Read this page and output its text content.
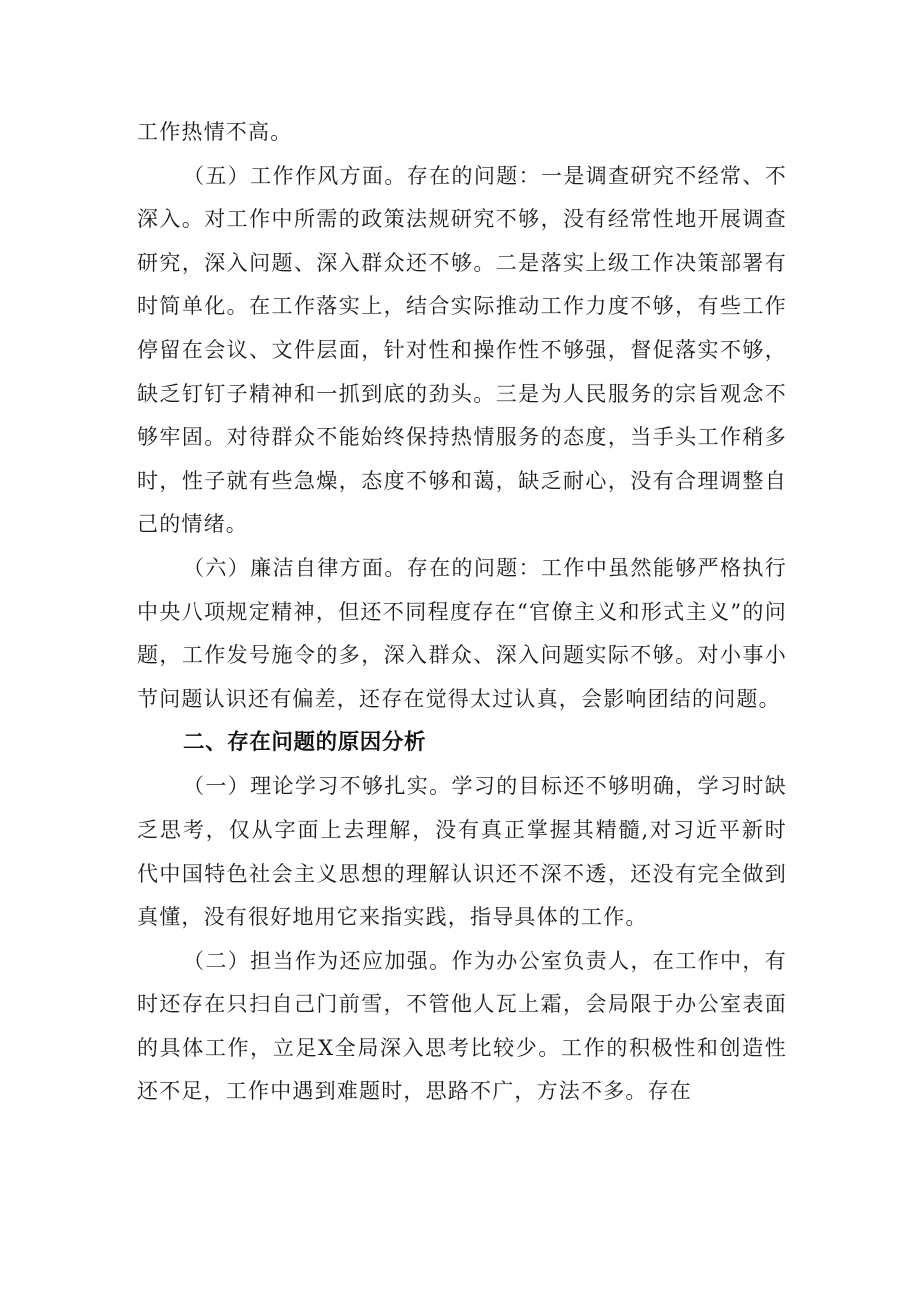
工作热情不高。

（五）工作作风方面。存在的问题：一是调查研究不经常、不深入。对工作中所需的政策法规研究不够，没有经常性地开展调查研究，深入问题、深入群众还不够。二是落实上级工作决策部署有时简单化。在工作落实上，结合实际推动工作力度不够，有些工作停留在会议、文件层面，针对性和操作性不够强，督促落实不够，缺乏钉钉子精神和一抓到底的劲头。三是为人民服务的宗旨观念不够牢固。对待群众不能始终保持热情服务的态度，当手头工作稍多时，性子就有些急燥，态度不够和蔼，缺乏耐心，没有合理调整自己的情绪。

（六）廉洁自律方面。存在的问题：工作中虽然能够严格执行中央八项规定精神，但还不同程度存在“官僚主义和形式主义”的问题，工作发号施令的多，深入群众、深入问题实际不够。对小事小节问题认识还有偏差，还存在觉得太过认真，会影响团结的问题。

二、存在问题的原因分析

（一）理论学习不够扎实。学习的目标还不够明确，学习时缺乏思考，仅从字面上去理解，没有真正掌握其精髓,对习近平新时代中国特色社会主义思想的理解认识还不深不透，还没有完全做到真懂，没有很好地用它来指实践，指导具体的工作。

（二）担当作为还应加强。作为办公室负责人，在工作中，有时还存在只扫自己门前雪，不管他人瓦上霜，会局限于办公室表面的具体工作，立足X全局深入思考比较少。工作的积极性和创造性还不足，工作中遇到难题时，思路不广，方法不多。存在
